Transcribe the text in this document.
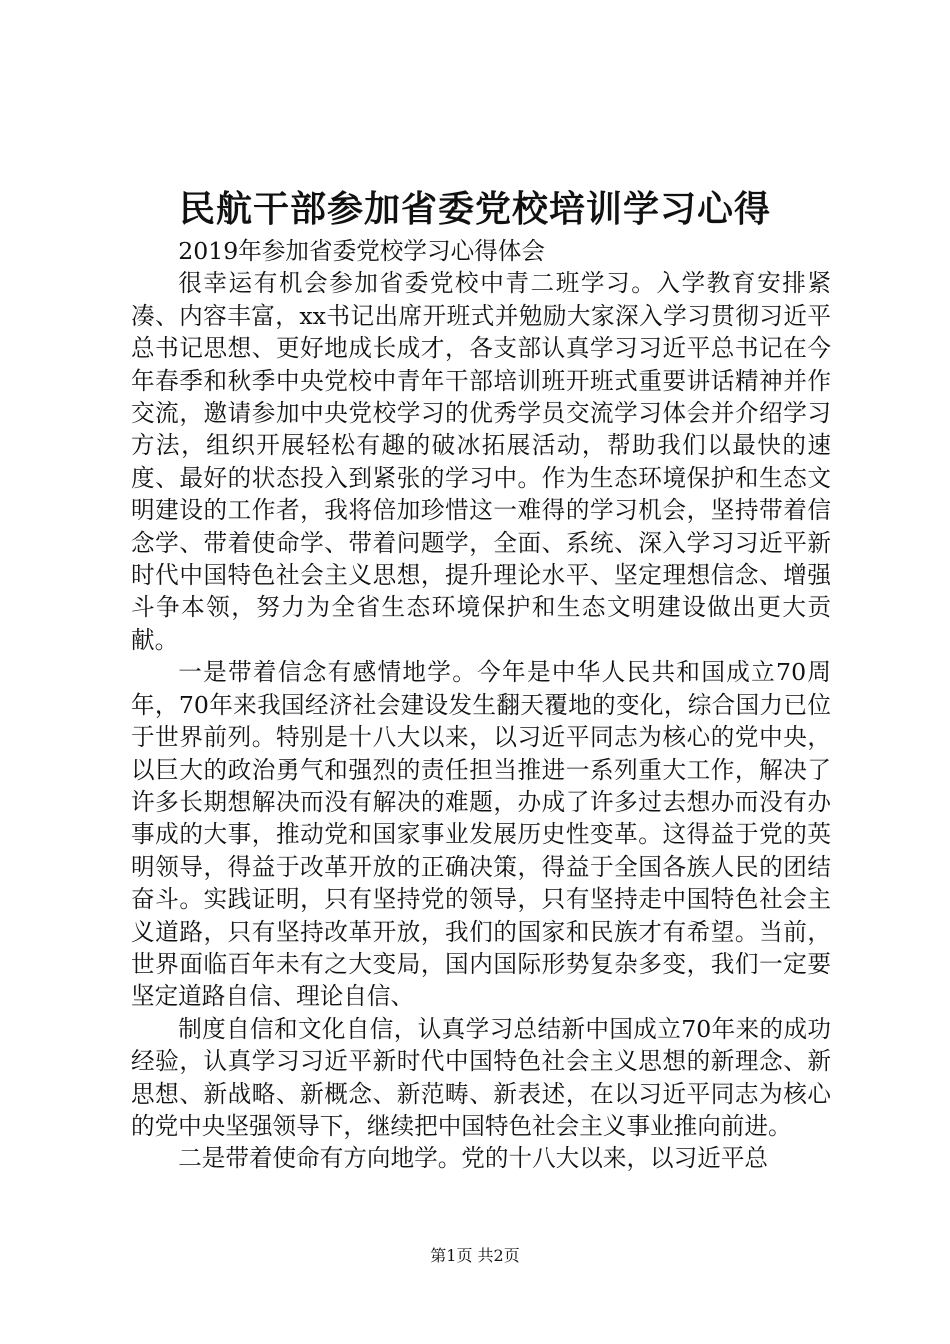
民航干部参加省委党校培训学习心得

2019年参加省委党校学习心得体会

很幸运有机会参加省委党校中青二班学习。入学教育安排紧凑、内容丰富，xx书记出席开班式并勉励大家深入学习贯彻习近平总书记思想、更好地成长成才，各支部认真学习习近平总书记在今年春季和秋季中央党校中青年干部培训班开班式重要讲话精神并作交流，邀请参加中央党校学习的优秀学员交流学习体会并介绍学习方法，组织开展轻松有趣的破冰拓展活动，帮助我们以最快的速度、最好的状态投入到紧张的学习中。作为生态环境保护和生态文明建设的工作者，我将倍加珍惜这一难得的学习机会，坚持带着信念学、带着使命学、带着问题学，全面、系统、深入学习习近平新时代中国特色社会主义思想，提升理论水平、坚定理想信念、增强斗争本领，努力为全省生态环境保护和生态文明建设做出更大贡献。

一是带着信念有感情地学。今年是中华人民共和国成立70周年，70年来我国经济社会建设发生翻天覆地的变化，综合国力已位于世界前列。特别是十八大以来，以习近平同志为核心的党中央，以巨大的政治勇气和强烈的责任担当推进一系列重大工作，解决了许多长期想解决而没有解决的难题，办成了许多过去想办而没有办事成的大事，推动党和国家事业发展历史性变革。这得益于党的英明领导，得益于改革开放的正确决策，得益于全国各族人民的团结奋斗。实践证明，只有坚持党的领导，只有坚持走中国特色社会主义道路，只有坚持改革开放，我们的国家和民族才有希望。当前，世界面临百年未有之大变局，国内国际形势复杂多变，我们一定要坚定道路自信、理论自信、

制度自信和文化自信，认真学习总结新中国成立70年来的成功经验，认真学习习近平新时代中国特色社会主义思想的新理念、新思想、新战略、新概念、新范畴、新表述，在以习近平同志为核心的党中央坚强领导下，继续把中国特色社会主义事业推向前进。

二是带着使命有方向地学。党的十八大以来，以习近平总

第1页 共2页
